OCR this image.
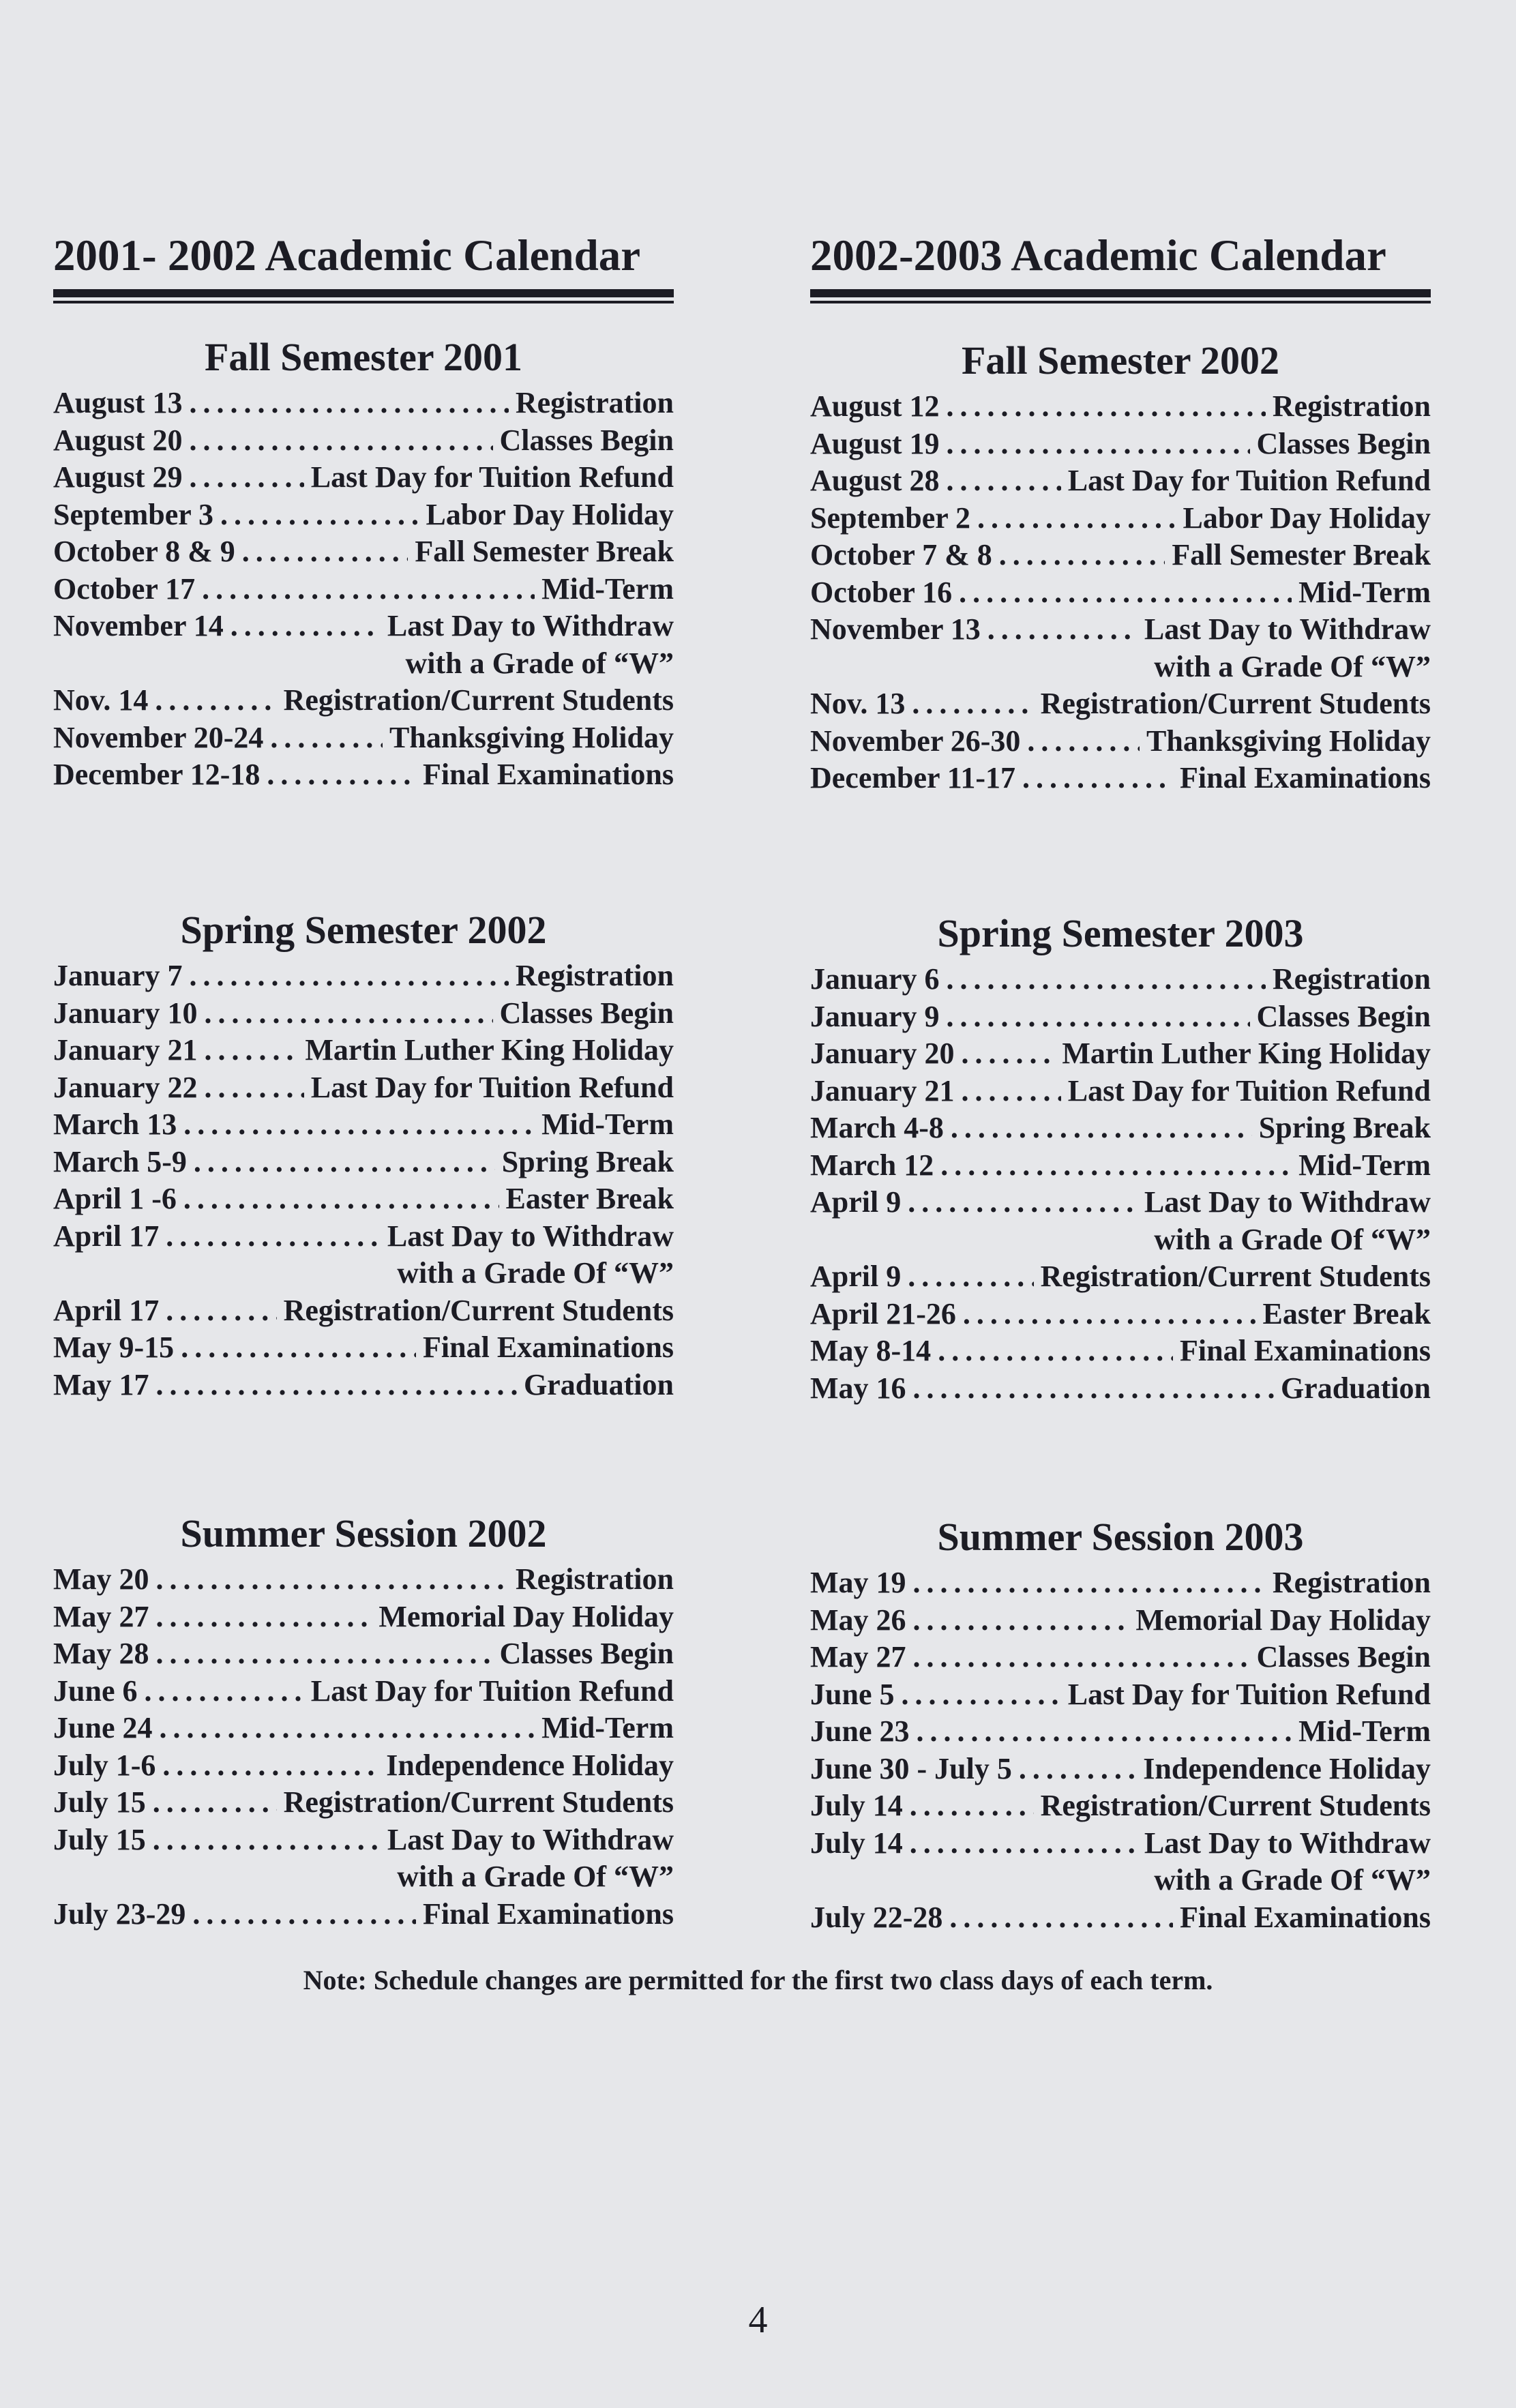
2001- 2002 Academic Calendar
Fall Semester 2001
August 13 . . .	Registration
August 20 . . .	Classes Begin
August 29 . . .	Last Day for Tuition Refund
September 3 . . .	Labor Day Holiday
October 8 & 9 . . .	Fall Semester Break
October 17 . . .	Mid-Term
November 14 . . .	Last Day to Withdraw
with a Grade of “W”
Nov. 14 . . .	Registration/Current Students
November 20-24 . . .	Thanksgiving Holiday
December 12-18 . . .	Final Examinations
Spring Semester 2002
January 7 . . .	Registration
January 10 . . .	Classes Begin
January 21 . . .	Martin Luther King Holiday
January 22 . . .	Last Day for Tuition Refund
March 13 . . .	Mid-Term
March 5-9 . . .	Spring Break
April 1 -6 . . .	Easter Break
April 17 . . .	Last Day to Withdraw
with a Grade Of “W”
April 17 . . .	Registration/Current Students
May 9-15 . . .	Final Examinations
May 17 . . .	Graduation
Summer Session 2002
May 20 . . .	Registration
May 27 . . .	Memorial Day Holiday
May 28 . . .	Classes Begin
June 6 . . .	Last Day for Tuition Refund
June 24 . . .	Mid-Term
July 1-6 . . .	Independence Holiday
July 15 . . .	Registration/Current Students
July 15 . . .	Last Day to Withdraw
with a Grade Of “W”
July 23-29 . . .	Final Examinations
2002-2003 Academic Calendar
Fall Semester 2002
August 12 . . .	Registration
August 19 . . .	Classes Begin
August 28 . . .	Last Day for Tuition Refund
September 2 . . .	Labor Day Holiday
October 7 & 8 . . .	Fall Semester Break
October 16 . . .	Mid-Term
November 13 . . .	Last Day to Withdraw
with a Grade Of “W”
Nov. 13 . . .	Registration/Current Students
November 26-30 . . .	Thanksgiving Holiday
December 11-17 . . .	Final Examinations
Spring Semester 2003
January 6 . . .	Registration
January 9 . . .	Classes Begin
January 20 . . .	Martin Luther King Holiday
January 21 . . .	Last Day for Tuition Refund
March 4-8 . . .	Spring Break
March 12 . . .	Mid-Term
April 9 . . .	Last Day to Withdraw
with a Grade Of “W”
April 9 . . .	Registration/Current Students
April 21-26 . . .	Easter Break
May 8-14 . . .	Final Examinations
May 16 . . .	Graduation
Summer Session 2003
May 19 . . .	Registration
May 26 . . .	Memorial Day Holiday
May 27 . . .	Classes Begin
June 5 . . .	Last Day for Tuition Refund
June 23 . . .	Mid-Term
June 30 - July 5 . . .	Independence Holiday
July 14 . . .	Registration/Current Students
July 14 . . .	Last Day to Withdraw
with a Grade Of “W”
July 22-28 . . .	Final Examinations
Note: Schedule changes are permitted for the first two class days of each term.
4
